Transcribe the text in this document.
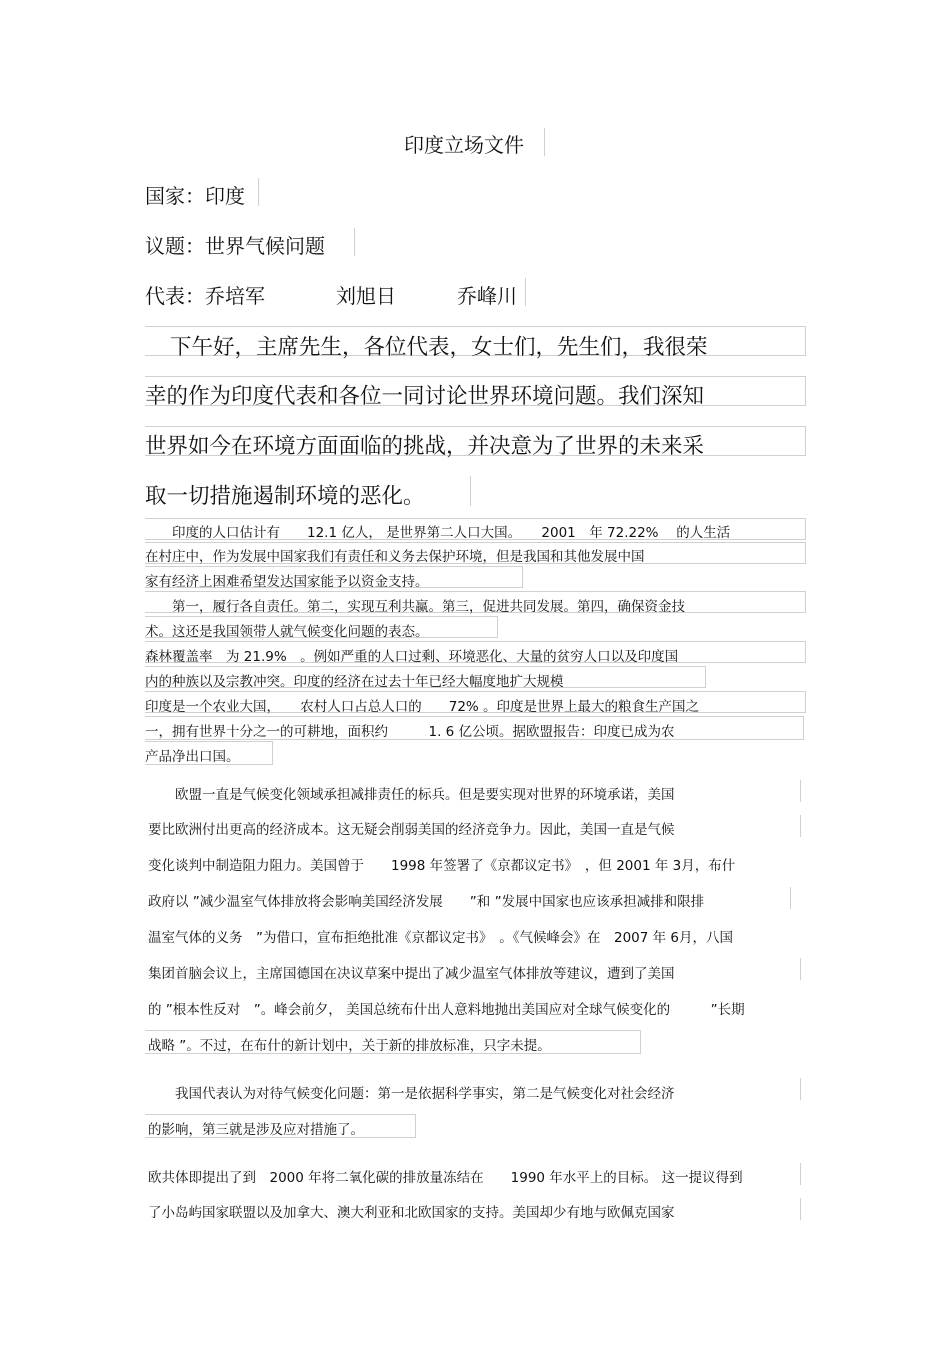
印度立场文件
国家：印度
议题：世界气候问题
代表：乔培军	刘旭日	乔峰川
下午好，主席先生，各位代表，女士们，先生们，我很荣
幸的作为印度代表和各位一同讨论世界环境问题。我们深知
世界如今在环境方面面临的挑战，并决意为了世界的未来采
取一切措施遏制环境的恶化。
　　印度的人口估计有　　12.1 亿人， 是世界第二人口大国。　　2001　年 72.22%　 的人生活
在村庄中，作为发展中国家我们有责任和义务去保护环境，但是我国和其他发展中国
家有经济上困难希望发达国家能予以资金支持。
　　第一，履行各自责任。第二，实现互利共赢。第三，促进共同发展。第四，确保资金技
术。这还是我国领带人就气候变化问题的表态。
森林覆盖率　为 21.9%　。例如严重的人口过剩、环境恶化、大量的贫穷人口以及印度国
内的种族以及宗教冲突。印度的经济在过去十年已经大幅度地扩大规模
印度是一个农业大国，　　农村人口占总人口的　　72% 。印度是世界上最大的粮食生产国之
一，拥有世界十分之一的可耕地，面积约　　　1. 6 亿公顷。据欧盟报告：印度已成为农
产品净出口国。
　　欧盟一直是气候变化领域承担减排责任的标兵。但是要实现对世界的环境承诺，美国
要比欧洲付出更高的经济成本。这无疑会削弱美国的经济竞争力。因此，美国一直是气候
变化谈判中制造阻力阻力。美国曾于　　1998 年签署了《京都议定书》　，但 2001 年 3月，布什
政府以 ”减少温室气体排放将会影响美国经济发展　　”和 ”发展中国家也应该承担减排和限排
温室气体的义务　”为借口，宣布拒绝批准《京都议定书》　。《气候峰会》在　2007 年 6月，八国
集团首脑会议上，主席国德国在决议草案中提出了减少温室气体排放等建议，遭到了美国
的 ”根本性反对　”。峰会前夕， 美国总统布什出人意料地抛出美国应对全球气候变化的　　　”长期
战略 ”。不过，在布什的新计划中，关于新的排放标准，只字未提。
　　我国代表认为对待气候变化问题：第一是依据科学事实，第二是气候变化对社会经济
的影响，第三就是涉及应对措施了。
欧共体即提出了到　2000 年将二氧化碳的排放量冻结在　　1990 年水平上的目标。 这一提议得到
了小岛屿国家联盟以及加拿大、澳大利亚和北欧国家的支持。美国却少有地与欧佩克国家
